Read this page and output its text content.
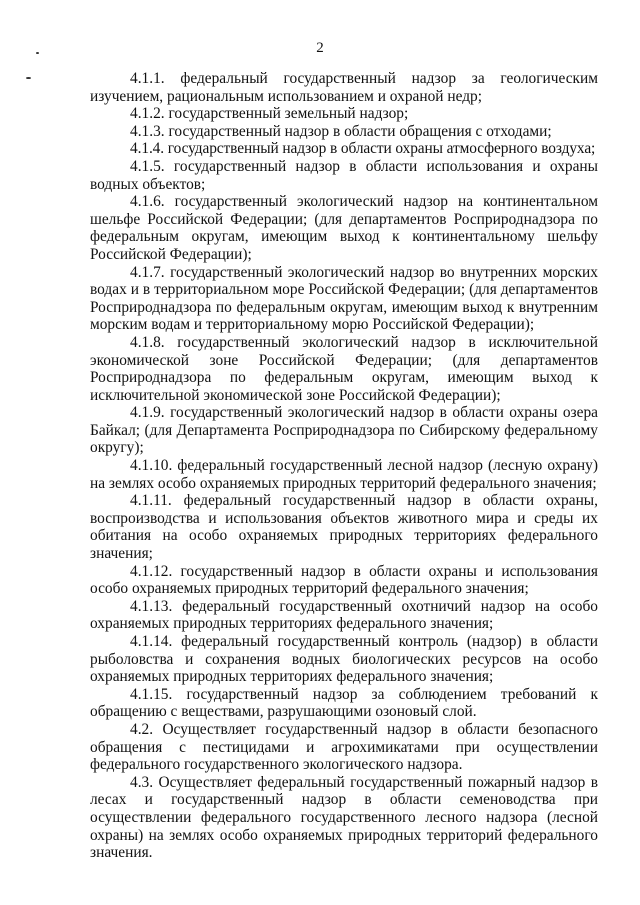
2

4.1.1. федеральный государственный надзор за геологическим изучением, рациональным использованием и охраной недр;

4.1.2. государственный земельный надзор;

4.1.3. государственный надзор в области обращения с отходами;

4.1.4. государственный надзор в области охраны атмосферного воздуха;

4.1.5. государственный надзор в области использования и охраны водных объектов;

4.1.6. государственный экологический надзор на континентальном шельфе Российской Федерации; (для департаментов Росприроднадзора по федеральным округам, имеющим выход к континентальному шельфу Российской Федерации);

4.1.7. государственный экологический надзор во внутренних морских водах и в территориальном море Российской Федерации; (для департаментов Росприроднадзора по федеральным округам, имеющим выход к внутренним морским водам и территориальному морю Российской Федерации);

4.1.8. государственный экологический надзор в исключительной экономической зоне Российской Федерации; (для департаментов Росприроднадзора по федеральным округам, имеющим выход к исключительной экономической зоне Российской Федерации);

4.1.9. государственный экологический надзор в области охраны озера Байкал; (для Департамента Росприроднадзора по Сибирскому федеральному округу);

4.1.10. федеральный государственный лесной надзор (лесную охрану) на землях особо охраняемых природных территорий федерального значения;

4.1.11. федеральный государственный надзор в области охраны, воспроизводства и использования объектов животного мира и среды их обитания на особо охраняемых природных территориях федерального значения;

4.1.12. государственный надзор в области охраны и использования особо охраняемых природных территорий федерального значения;

4.1.13. федеральный государственный охотничий надзор на особо охраняемых природных территориях федерального значения;

4.1.14. федеральный государственный контроль (надзор) в области рыболовства и сохранения водных биологических ресурсов на особо охраняемых природных территориях федерального значения;

4.1.15. государственный надзор за соблюдением требований к обращению с веществами, разрушающими озоновый слой.

4.2. Осуществляет государственный надзор в области безопасного обращения с пестицидами и агрохимикатами при осуществлении федерального государственного экологического надзора.

4.3. Осуществляет федеральный государственный пожарный надзор в лесах и государственный надзор в области семеноводства при осуществлении федерального государственного лесного надзора (лесной охраны) на землях особо охраняемых природных территорий федерального значения.
